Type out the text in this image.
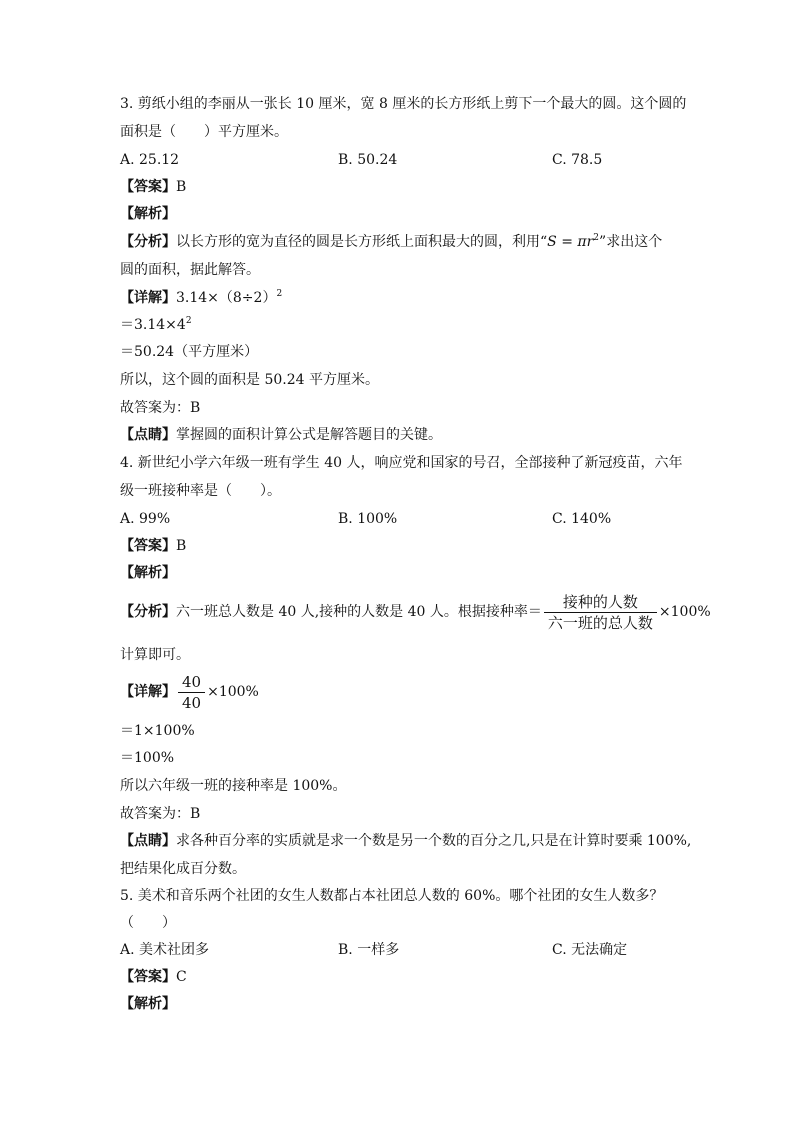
3. 剪纸小组的李丽从一张长 10 厘米，宽 8 厘米的长方形纸上剪下一个最大的圆。这个圆的
面积是（　　）平方厘米。
A. 25.12	B. 50.24	C. 78.5
【答案】B
【解析】
【分析】以长方形的宽为直径的圆是长方形纸上面积最大的圆，利用“$S = \pi r^2$”求出这个
圆的面积，据此解答。
【详解】$3.14\times(8\div 2)^2$
$=3.14\times 4^2$
＝50.24（平方厘米）
所以，这个圆的面积是 50.24 平方厘米。
故答案为：B
【点睛】掌握圆的面积计算公式是解答题目的关键。
4. 新世纪小学六年级一班有学生 40 人，响应党和国家的号召，全部接种了新冠疫苗，六年
级一班接种率是（　　）。
A. 99%	B. 100%	C. 140%
【答案】B
【解析】
【分析】六一班总人数是 40 人,接种的人数是 40 人。根据接种率＝ $\frac{\text{接种的人数}}{\text{六一班的总人数}} \times 100\%$
计算即可。
【详解】 $\frac{40}{40} \times 100\%$
＝1×100%
＝100%
所以六年级一班的接种率是 100%。
故答案为：B
【点睛】求各种百分率的实质就是求一个数是另一个数的百分之几,只是在计算时要乘 100%,
把结果化成百分数。
5. 美术和音乐两个社团的女生人数都占本社团总人数的 60%。哪个社团的女生人数多？
（　　）
A. 美术社团多	B. 一样多	C. 无法确定
【答案】C
【解析】
